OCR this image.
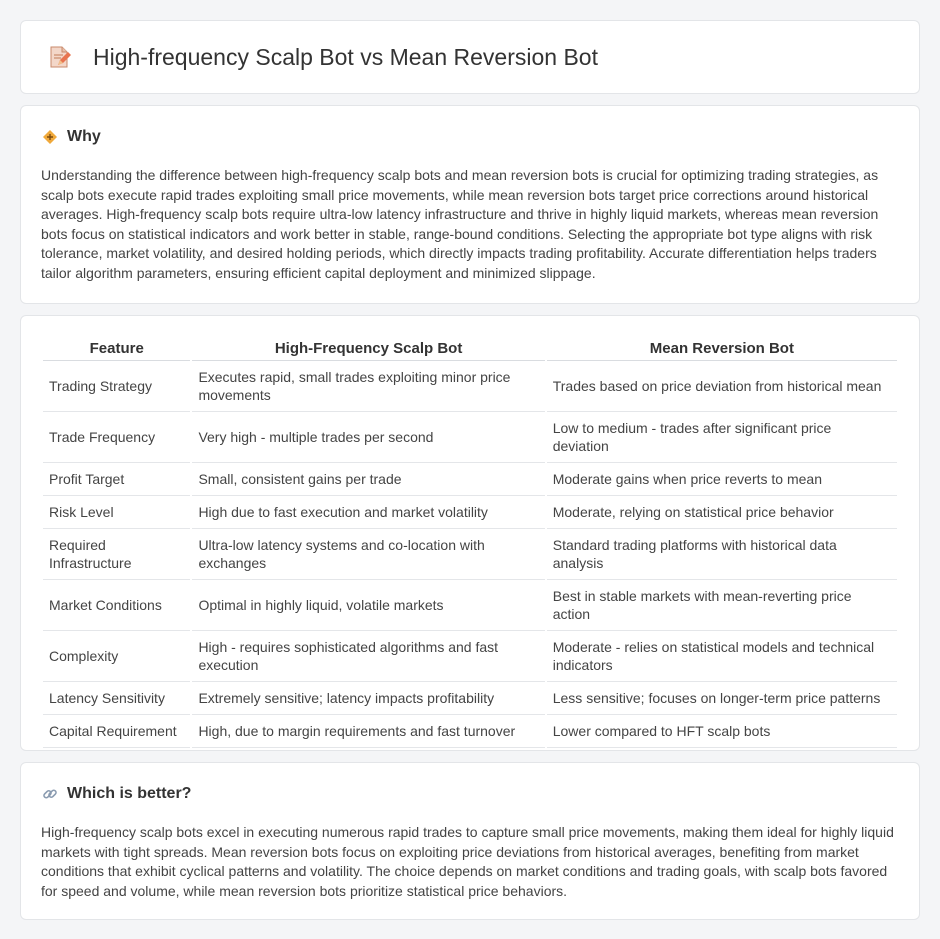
High-frequency Scalp Bot vs Mean Reversion Bot
Why

Understanding the difference between high-frequency scalp bots and mean reversion bots is crucial for optimizing trading strategies, as scalp bots execute rapid trades exploiting small price movements, while mean reversion bots target price corrections around historical averages. High-frequency scalp bots require ultra-low latency infrastructure and thrive in highly liquid markets, whereas mean reversion bots focus on statistical indicators and work better in stable, range-bound conditions. Selecting the appropriate bot type aligns with risk tolerance, market volatility, and desired holding periods, which directly impacts trading profitability. Accurate differentiation helps traders tailor algorithm parameters, ensuring efficient capital deployment and minimized slippage.

Feature	High-Frequency Scalp Bot	Mean Reversion Bot
Trading Strategy	Executes rapid, small trades exploiting minor price movements	Trades based on price deviation from historical mean
Trade Frequency	Very high - multiple trades per second	Low to medium - trades after significant price deviation
Profit Target	Small, consistent gains per trade	Moderate gains when price reverts to mean
Risk Level	High due to fast execution and market volatility	Moderate, relying on statistical price behavior
Required Infrastructure	Ultra-low latency systems and co-location with exchanges	Standard trading platforms with historical data analysis
Market Conditions	Optimal in highly liquid, volatile markets	Best in stable markets with mean-reverting price action
Complexity	High - requires sophisticated algorithms and fast execution	Moderate - relies on statistical models and technical indicators
Latency Sensitivity	Extremely sensitive; latency impacts profitability	Less sensitive; focuses on longer-term price patterns
Capital Requirement	High, due to margin requirements and fast turnover	Lower compared to HFT scalp bots
Which is better?

High-frequency scalp bots excel in executing numerous rapid trades to capture small price movements, making them ideal for highly liquid markets with tight spreads. Mean reversion bots focus on exploiting price deviations from historical averages, benefiting from market conditions that exhibit cyclical patterns and volatility. The choice depends on market conditions and trading goals, with scalp bots favored for speed and volume, while mean reversion bots prioritize statistical price behaviors.
